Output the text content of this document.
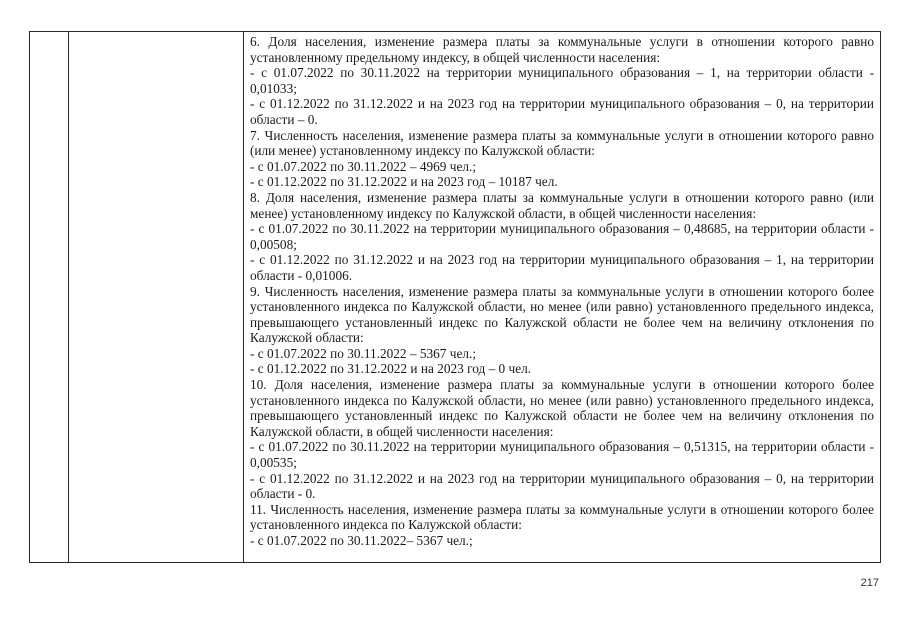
6. Доля населения, изменение размера платы за коммунальные услуги в отношении которого равно установленному предельному индексу, в общей численности населения:

- с 01.07.2022 по 30.11.2022 на территории муниципального образования – 1, на территории области - 0,01033;

- с 01.12.2022 по 31.12.2022 и на 2023 год на территории муниципального образования – 0, на территории области – 0.

7. Численность населения, изменение размера платы за коммунальные услуги в отношении которого равно (или менее) установленному индексу по Калужской области:

- с 01.07.2022 по 30.11.2022 – 4969 чел.;

- с 01.12.2022 по 31.12.2022 и на 2023 год – 10187 чел.

8. Доля населения, изменение размера платы за коммунальные услуги в отношении которого равно (или менее) установленному индексу по Калужской области, в общей численности населения:

- с 01.07.2022 по 30.11.2022 на территории муниципального образования – 0,48685, на территории области - 0,00508;

- с 01.12.2022 по 31.12.2022 и на 2023 год на территории муниципального образования – 1, на территории области - 0,01006.

9. Численность населения, изменение размера платы за коммунальные услуги в отношении которого более установленного индекса по Калужской области, но менее (или равно) установленного предельного индекса, превышающего установленный индекс по Калужской области не более чем на величину отклонения по Калужской области:

- с 01.07.2022 по 30.11.2022 – 5367 чел.;

- с 01.12.2022 по 31.12.2022 и на 2023 год – 0 чел.

10. Доля населения, изменение размера платы за коммунальные услуги в отношении которого более установленного индекса по Калужской области, но менее (или равно) установленного предельного индекса, превышающего установленный индекс по Калужской области не более чем на величину отклонения по Калужской области, в общей численности населения:

- с 01.07.2022 по 30.11.2022 на территории муниципального образования – 0,51315, на территории области - 0,00535;

- с 01.12.2022 по 31.12.2022 и на 2023 год на территории муниципального образования – 0, на территории области - 0.

11. Численность населения, изменение размера платы за коммунальные услуги в отношении которого более установленного индекса по Калужской области:

- с 01.07.2022 по 30.11.2022– 5367 чел.;

217
